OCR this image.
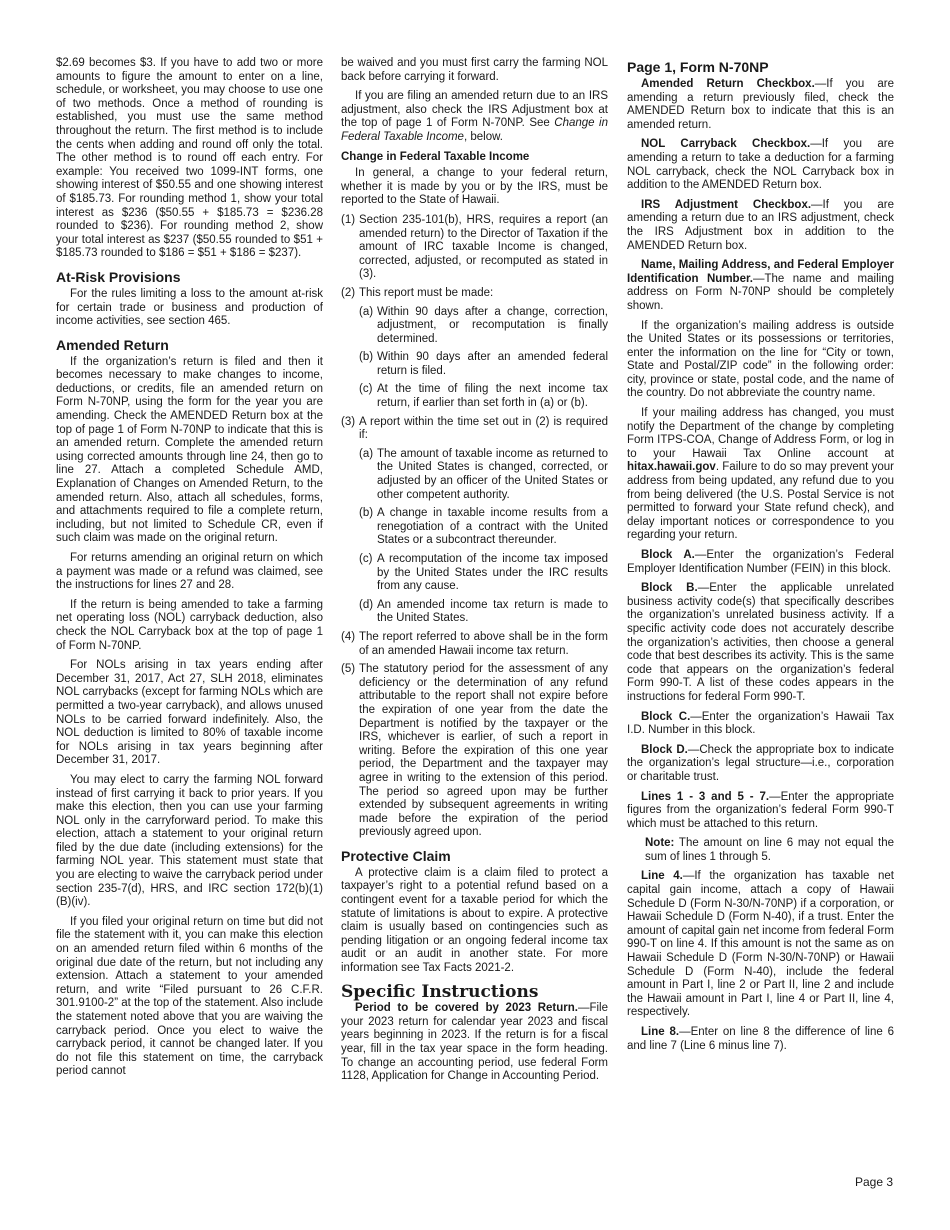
$2.69 becomes $3. If you have to add two or more amounts to figure the amount to enter on a line, schedule, or worksheet, you may choose to use one of two methods. Once a method of rounding is established, you must use the same method throughout the return. The first method is to include the cents when adding and round off only the total. The other method is to round off each entry. For example: You received two 1099-INT forms, one showing interest of $50.55 and one showing interest of $185.73. For rounding method 1, show your total interest as $236 ($50.55 + $185.73 = $236.28 rounded to $236). For rounding method 2, show your total interest as $237 ($50.55 rounded to $51 + $185.73 rounded to $186 = $51 + $186 = $237).

At-Risk Provisions

For the rules limiting a loss to the amount at-risk for certain trade or business and production of income activities, see section 465.

Amended Return

If the organization’s return is filed and then it becomes necessary to make changes to income, deductions, or credits, file an amended return on Form N-70NP, using the form for the year you are amending. Check the AMENDED Return box at the top of page 1 of Form N-70NP to indicate that this is an amended return. Complete the amended return using corrected amounts through line 24, then go to line 27. Attach a completed Schedule AMD, Explanation of Changes on Amended Return, to the amended return. Also, attach all schedules, forms, and attachments required to file a complete return, including, but not limited to Schedule CR, even if such claim was made on the original return.

For returns amending an original return on which a payment was made or a refund was claimed, see the instructions for lines 27 and 28.

If the return is being amended to take a farming net operating loss (NOL) carryback deduction, also check the NOL Carryback box at the top of page 1 of Form N-70NP.

For NOLs arising in tax years ending after December 31, 2017, Act 27, SLH 2018, eliminates NOL carrybacks (except for farming NOLs which are permitted a two-year carryback), and allows unused NOLs to be carried forward indefinitely. Also, the NOL deduction is limited to 80% of taxable income for NOLs arising in tax years beginning after December 31, 2017.

You may elect to carry the farming NOL forward instead of first carrying it back to prior years. If you make this election, then you can use your farming NOL only in the carryforward period. To make this election, attach a statement to your original return filed by the due date (including extensions) for the farming NOL year. This statement must state that you are electing to waive the carryback period under section 235-7(d), HRS, and IRC section 172(b)(1)(B)(iv).

If you filed your original return on time but did not file the statement with it, you can make this election on an amended return filed within 6 months of the original due date of the return, but not including any extension. Attach a statement to your amended return, and write “Filed pursuant to 26 C.F.R. 301.9100-2” at the top of the statement. Also include the statement noted above that you are waiving the carryback period. Once you elect to waive the carryback period, it cannot be changed later. If you do not file this statement on time, the carryback period cannot

be waived and you must first carry the farming NOL back before carrying it forward.

If you are filing an amended return due to an IRS adjustment, also check the IRS Adjustment box at the top of page 1 of Form N-70NP. See Change in Federal Taxable Income, below.

Change in Federal Taxable Income

In general, a change to your federal return, whether it is made by you or by the IRS, must be reported to the State of Hawaii.

(1) Section 235-101(b), HRS, requires a report (an amended return) to the Director of Taxation if the amount of IRC taxable Income is changed, corrected, adjusted, or recomputed as stated in (3).
(2) This report must be made:
(a) Within 90 days after a change, correction, adjustment, or recomputation is finally determined.
(b) Within 90 days after an amended federal return is filed.
(c) At the time of filing the next income tax return, if earlier than set forth in (a) or (b).
(3) A report within the time set out in (2) is required if:
(a) The amount of taxable income as returned to the United States is changed, corrected, or adjusted by an officer of the United States or other competent authority.
(b) A change in taxable income results from a renegotiation of a contract with the United States or a subcontract thereunder.
(c) A recomputation of the income tax imposed by the United States under the IRC results from any cause.
(d) An amended income tax return is made to the United States.
(4) The report referred to above shall be in the form of an amended Hawaii income tax return.
(5) The statutory period for the assessment of any deficiency or the determination of any refund attributable to the report shall not expire before the expiration of one year from the date the Department is notified by the taxpayer or the IRS, whichever is earlier, of such a report in writing. Before the expiration of this one year period, the Department and the taxpayer may agree in writing to the extension of this period. The period so agreed upon may be further extended by subsequent agreements in writing made before the expiration of the period previously agreed upon.
Protective Claim

A protective claim is a claim filed to protect a taxpayer’s right to a potential refund based on a contingent event for a taxable period for which the statute of limitations is about to expire. A protective claim is usually based on contingencies such as pending litigation or an ongoing federal income tax audit or an audit in another state. For more information see Tax Facts 2021-2.

Specific Instructions

Period to be covered by 2023 Return.—File your 2023 return for calendar year 2023 and fiscal years beginning in 2023. If the return is for a fiscal year, fill in the tax year space in the form heading. To change an accounting period, use federal Form 1128, Application for Change in Accounting Period.

Page 1, Form N-70NP

Amended Return Checkbox.—If you are amending a return previously filed, check the AMENDED Return box to indicate that this is an amended return.

NOL Carryback Checkbox.—If you are amending a return to take a deduction for a farming NOL carryback, check the NOL Carryback box in addition to the AMENDED Return box.

IRS Adjustment Checkbox.—If you are amending a return due to an IRS adjustment, check the IRS Adjustment box in addition to the AMENDED Return box.

Name, Mailing Address, and Federal Employer Identification Number.—The name and mailing address on Form N-70NP should be completely shown.

If the organization’s mailing address is outside the United States or its possessions or territories, enter the information on the line for “City or town, State and Postal/ZIP code” in the following order: city, province or state, postal code, and the name of the country. Do not abbreviate the country name.

If your mailing address has changed, you must notify the Department of the change by completing Form ITPS-COA, Change of Address Form, or log in to your Hawaii Tax Online account at hitax.hawaii.gov. Failure to do so may prevent your address from being updated, any refund due to you from being delivered (the U.S. Postal Service is not permitted to forward your State refund check), and delay important notices or correspondence to you regarding your return.

Block A.—Enter the organization’s Federal Employer Identification Number (FEIN) in this block.

Block B.—Enter the applicable unrelated business activity code(s) that specifically describes the organization’s unrelated business activity. If a specific activity code does not accurately describe the organization’s activities, then choose a general code that best describes its activity. This is the same code that appears on the organization’s federal Form 990-T. A list of these codes appears in the instructions for federal Form 990-T.

Block C.—Enter the organization’s Hawaii Tax I.D. Number in this block.

Block D.—Check the appropriate box to indicate the organization’s legal structure—i.e., corporation or charitable trust.

Lines 1 - 3 and 5 - 7.—Enter the appropriate figures from the organization’s federal Form 990-T which must be attached to this return.

Note: The amount on line 6 may not equal the sum of lines 1 through 5.

Line 4.—If the organization has taxable net capital gain income, attach a copy of Hawaii Schedule D (Form N-30/N-70NP) if a corporation, or Hawaii Schedule D (Form N-40), if a trust. Enter the amount of capital gain net income from federal Form 990-T on line 4. If this amount is not the same as on Hawaii Schedule D (Form N-30/N-70NP) or Hawaii Schedule D (Form N-40), include the federal amount in Part I, line 2 or Part II, line 2 and include the Hawaii amount in Part I, line 4 or Part II, line 4, respectively.

Line 8.—Enter on line 8 the difference of line 6 and line 7 (Line 6 minus line 7).

Page 3
